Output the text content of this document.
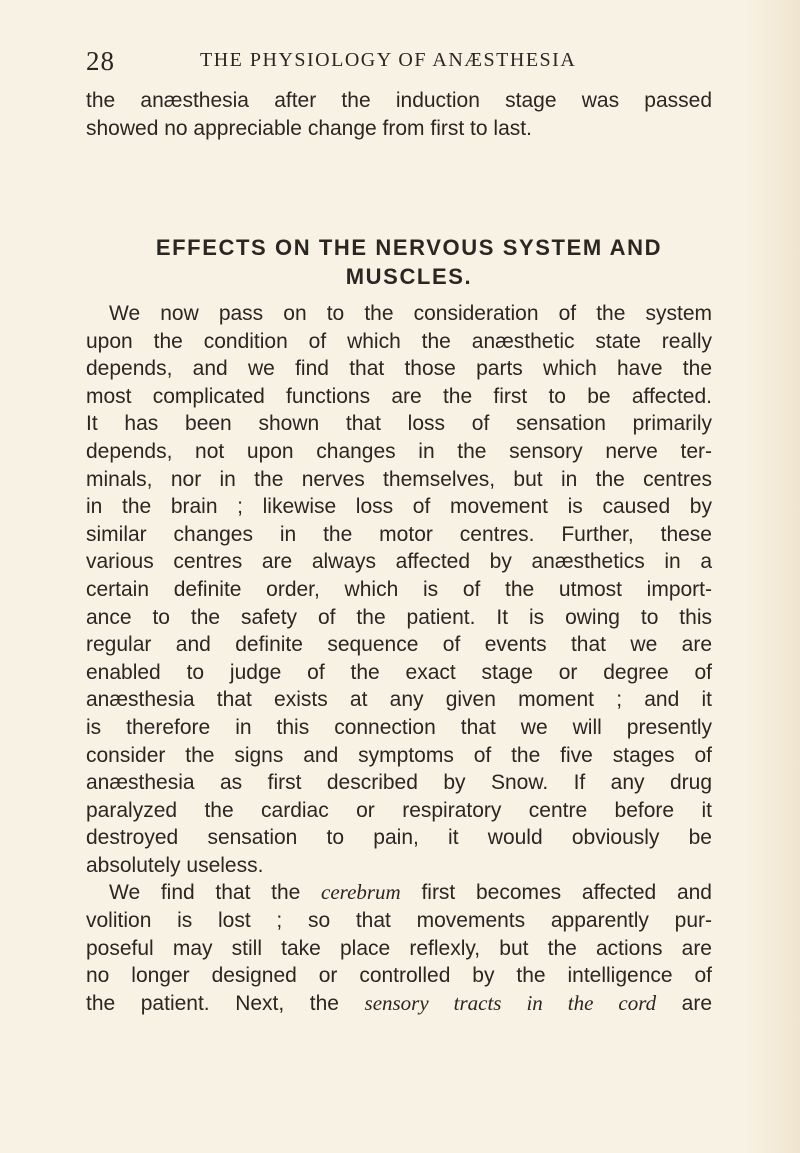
28	THE PHYSIOLOGY OF ANÆSTHESIA
the anæsthesia after the induction stage was passed
showed no appreciable change from first to last.
EFFECTS ON THE NERVOUS SYSTEM AND
MUSCLES.
We now pass on to the consideration of the system
upon the condition of which the anæsthetic state really
depends, and we find that those parts which have the
most complicated functions are the first to be affected.
It has been shown that loss of sensation primarily
depends, not upon changes in the sensory nerve ter-
minals, nor in the nerves themselves, but in the centres
in the brain ; likewise loss of movement is caused by
similar changes in the motor centres. Further, these
various centres are always affected by anæsthetics in a
certain definite order, which is of the utmost import-
ance to the safety of the patient. It is owing to this
regular and definite sequence of events that we are
enabled to judge of the exact stage or degree of
anæsthesia that exists at any given moment ; and it
is therefore in this connection that we will presently
consider the signs and symptoms of the five stages of
anæsthesia as first described by Snow. If any drug
paralyzed the cardiac or respiratory centre before it
destroyed sensation to pain, it would obviously be
absolutely useless.
We find that the cerebrum first becomes affected and
volition is lost ; so that movements apparently pur-
poseful may still take place reflexly, but the actions are
no longer designed or controlled by the intelligence of
the patient. Next, the sensory tracts in the cord are
